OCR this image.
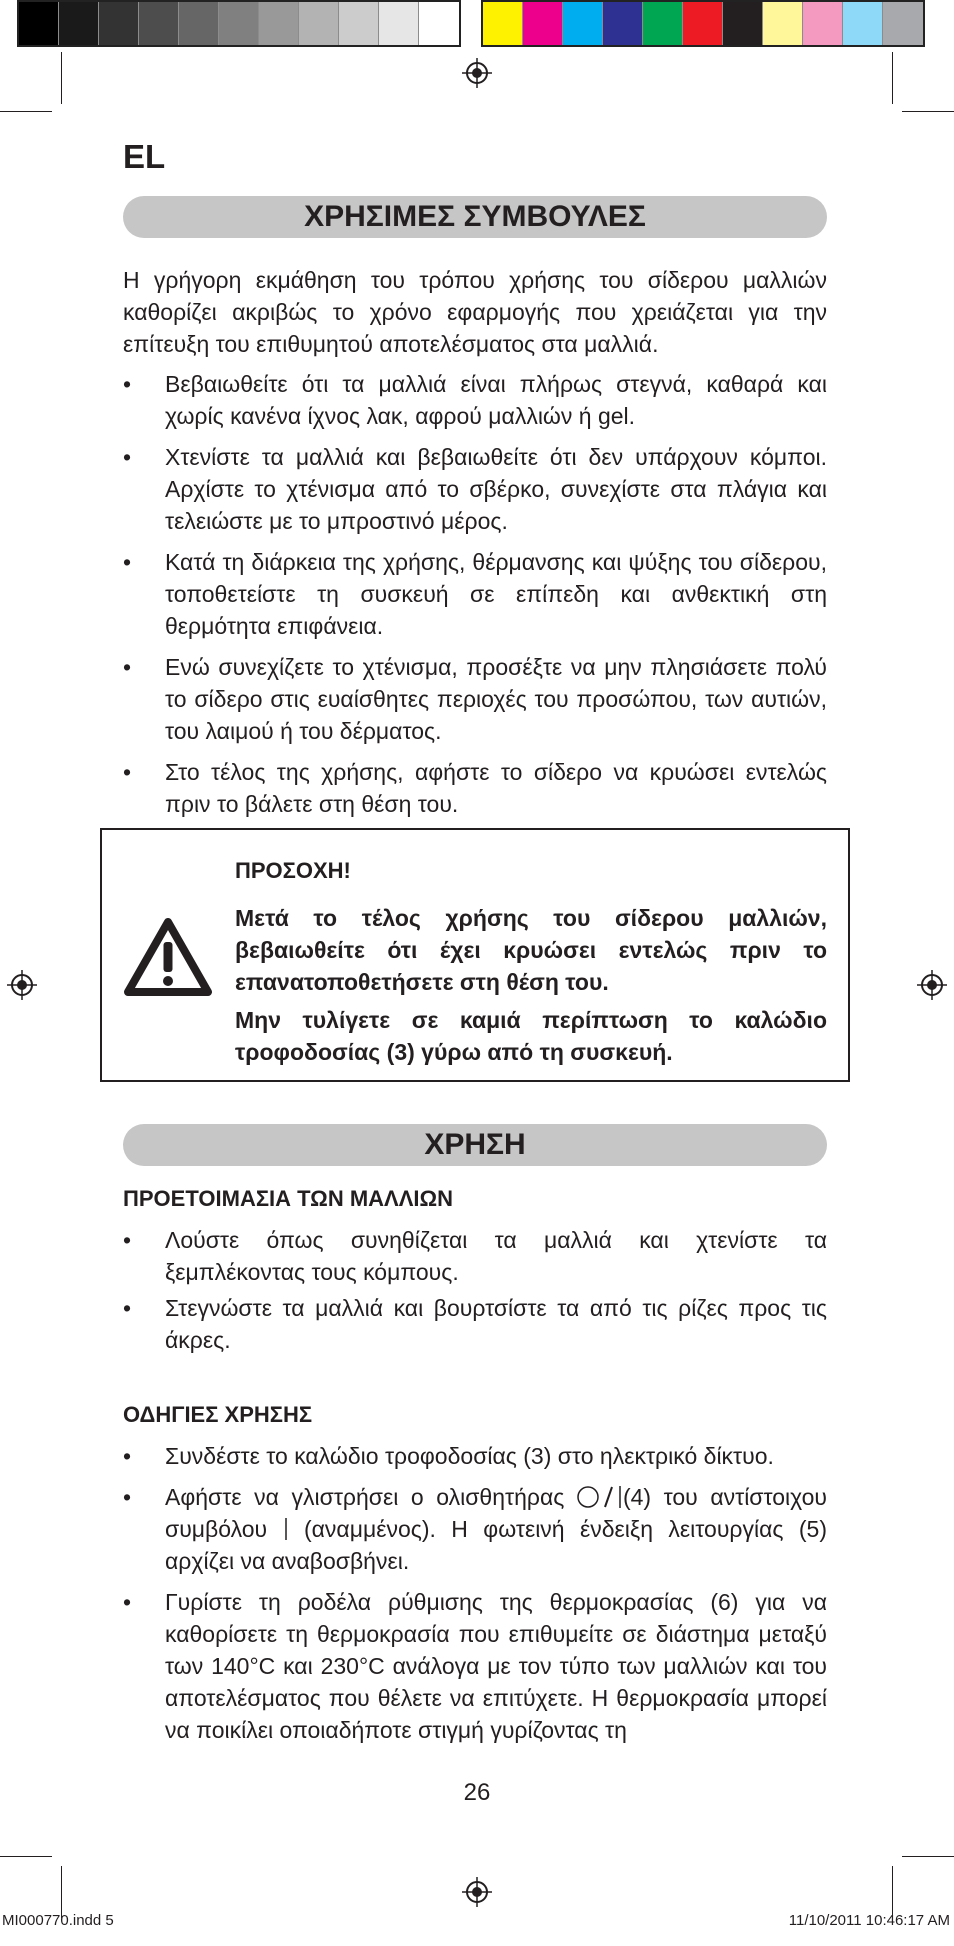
EL
ΧΡΗΣΙΜΕΣ ΣΥΜΒΟΥΛΕΣ
Η γρήγορη εκμάθηση του τρόπου χρήσης του σίδερου μαλλιών καθορίζει ακριβώς το χρόνο εφαρμογής που χρειάζεται για την επίτευξη του επιθυμητού αποτελέσματος στα μαλλιά.
• Βεβαιωθείτε ότι τα μαλλιά είναι πλήρως στεγνά, καθαρά και χωρίς κανένα ίχνος λακ, αφρού μαλλιών ή gel.
• Χτενίστε τα μαλλιά και βεβαιωθείτε ότι δεν υπάρχουν κόμποι. Αρχίστε το χτένισμα από το σβέρκο, συνεχίστε στα πλάγια και τελειώστε με το μπροστινό μέρος.
• Κατά τη διάρκεια της χρήσης, θέρμανσης και ψύξης του σίδερου, τοποθετείστε τη συσκευή σε επίπεδη και ανθεκτική στη θερμότητα επιφάνεια.
• Ενώ συνεχίζετε το χτένισμα, προσέξτε να μην πλησιάσετε πολύ το σίδερο στις ευαίσθητες περιοχές του προσώπου, των αυτιών, του λαιμού ή του δέρματος.
• Στο τέλος της χρήσης, αφήστε το σίδερο να κρυώσει εντελώς πριν το βάλετε στη θέση του.
ΠΡΟΣΟΧΗ!
Μετά το τέλος χρήσης του σίδερου μαλλιών, βεβαιωθείτε ότι έχει κρυώσει εντελώς πριν το επανατοποθετήσετε στη θέση του.
Μην τυλίγετε σε καμιά περίπτωση το καλώδιο τροφοδοσίας (3) γύρω από τη συσκευή.
ΧΡΗΣΗ
ΠΡΟΕΤΟΙΜΑΣΙΑ ΤΩΝ ΜΑΛΛΙΩΝ
• Λούστε όπως συνηθίζεται τα μαλλιά και χτενίστε τα ξεμπλέκοντας τους κόμπους.
• Στεγνώστε τα μαλλιά και βουρτσίστε τα από τις ρίζες προς τις άκρες.
ΟΔΗΓΙΕΣ ΧΡΗΣΗΣ
• Συνδέστε το καλώδιο τροφοδοσίας (3) στο ηλεκτρικό δίκτυο.
• Αφήστε να γλιστρήσει ο ολισθητήρας (4) του αντίστοιχου συμβόλου  (αναμμένος). Η φωτεινή ένδειξη λειτουργίας (5) αρχίζει να αναβοσβήνει.
• Γυρίστε τη ροδέλα ρύθμισης της θερμοκρασίας (6) για να καθορίσετε τη θερμοκρασία που επιθυμείτε σε διάστημα μεταξύ των 140°C και 230°C ανάλογα με τον τύπο των μαλλιών και του αποτελέσματος που θέλετε να επιτύχετε. Η θερμοκρασία μπορεί να ποικίλει οποιαδήποτε στιγμή γυρίζοντας τη
26
MI000770.indd 5	11/10/2011 10:46:17 AM
